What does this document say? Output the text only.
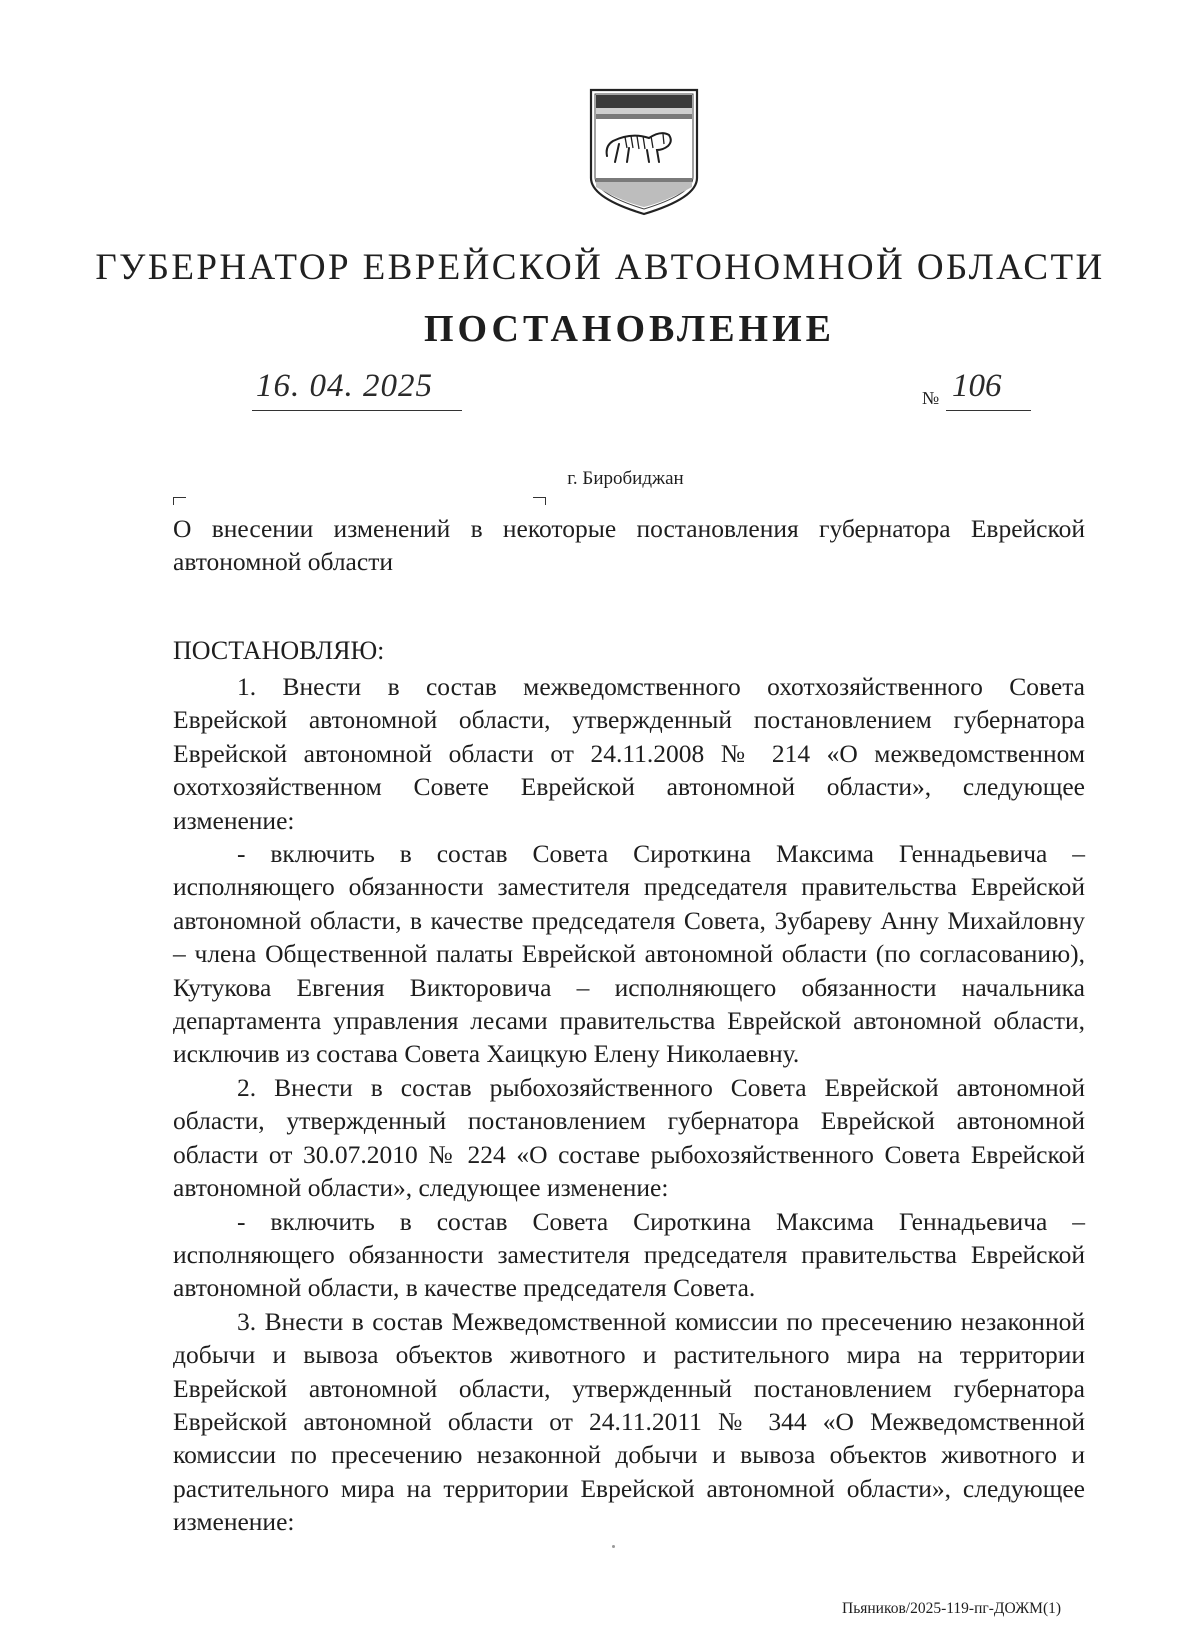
ГУБЕРНАТОР ЕВРЕЙСКОЙ АВТОНОМНОЙ ОБЛАСТИ
ПОСТАНОВЛЕНИЕ
16. 04. 2025	№ 106
г. Биробиджан
О внесении изменений в некоторые постановления губернатора Еврейской автономной области
ПОСТАНОВЛЯЮ:

1. Внести в состав межведомственного охотхозяйственного Совета Еврейской автономной области, утвержденный постановлением губернатора Еврейской автономной области от 24.11.2008 № 214 «О межведомственном охотхозяйственном Совете Еврейской автономной области», следующее изменение:

- включить в состав Совета Сироткина Максима Геннадьевича – исполняющего обязанности заместителя председателя правительства Еврейской автономной области, в качестве председателя Совета, Зубареву Анну Михайловну – члена Общественной палаты Еврейской автономной области (по согласованию), Кутукова Евгения Викторовича – исполняющего обязанности начальника департамента управления лесами правительства Еврейской автономной области, исключив из состава Совета Хаицкую Елену Николаевну.

2. Внести в состав рыбохозяйственного Совета Еврейской автономной области, утвержденный постановлением губернатора Еврейской автономной области от 30.07.2010 № 224 «О составе рыбохозяйственного Совета Еврейской автономной области», следующее изменение:

- включить в состав Совета Сироткина Максима Геннадьевича – исполняющего обязанности заместителя председателя правительства Еврейской автономной области, в качестве председателя Совета.

3. Внести в состав Межведомственной комиссии по пресечению незаконной добычи и вывоза объектов животного и растительного мира на территории Еврейской автономной области, утвержденный постановлением губернатора Еврейской автономной области от 24.11.2011 № 344 «О Межведомственной комиссии по пресечению незаконной добычи и вывоза объектов животного и растительного мира на территории Еврейской автономной области», следующее изменение:

Пьяников/2025-119-пг-ДОЖМ(1)
